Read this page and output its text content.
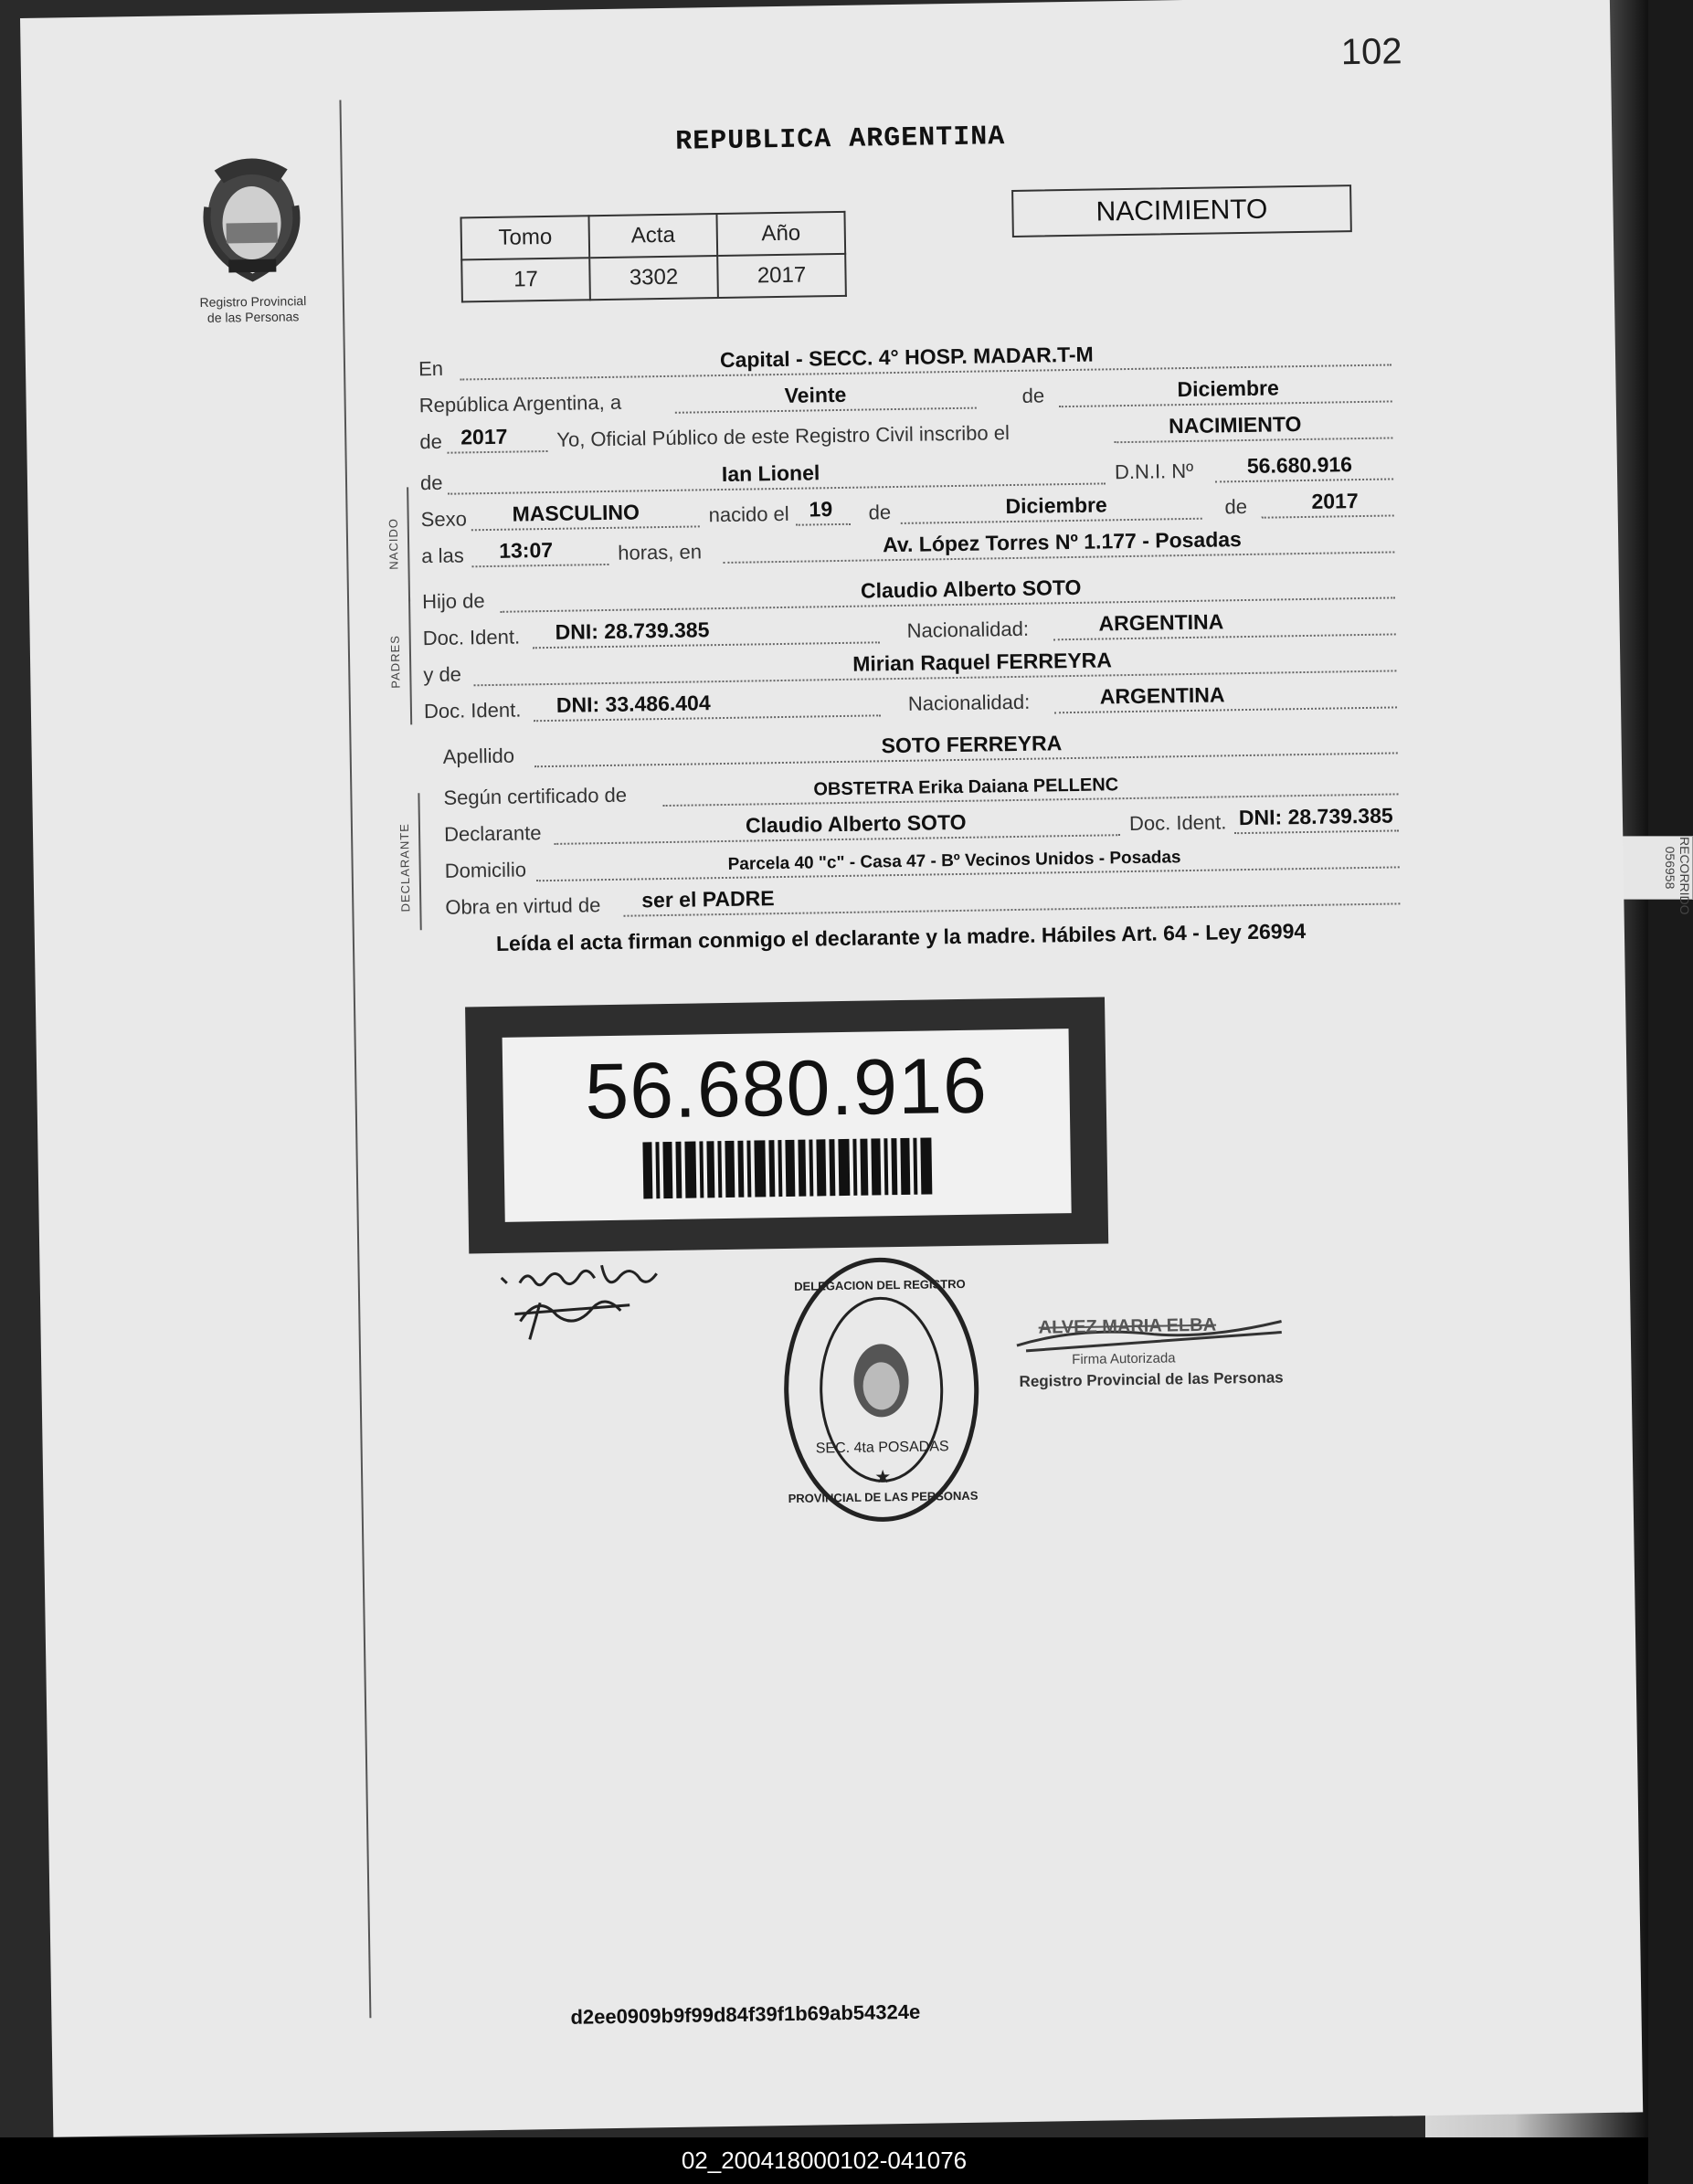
RECORRIDO 056958
102
Registro Provincial
de las Personas
REPUBLICA ARGENTINA
Tomo	Acta	Año
17	3302	2017
NACIMIENTO
En	Capital - SECC. 4° HOSP. MADAR.T-M
República Argentina, a	Veinte	de	Diciembre
de 2017 Yo, Oficial Público de este Registro Civil inscribo el	NACIMIENTO
NACIDO
de	Ian Lionel	D.N.I. Nº	56.680.916
Sexo MASCULINO	nacido el 19 de	Diciembre	de	2017
a las 13:07	horas, en	Av. López Torres Nº 1.177 - Posadas
PADRES
Hijo de	Claudio Alberto SOTO
Doc. Ident. DNI: 28.739.385	Nacionalidad:	ARGENTINA
y de	Mirian Raquel FERREYRA
Doc. Ident. DNI: 33.486.404	Nacionalidad:	ARGENTINA
Apellido	SOTO FERREYRA
DECLARANTE
Según certificado de	OBSTETRA Erika Daiana PELLENC
Declarante	Claudio Alberto SOTO	Doc. Ident. DNI: 28.739.385
Domicilio	Parcela 40 "c" - Casa 47 - Bº Vecinos Unidos - Posadas
Obra en virtud de ser el PADRE
Leída el acta firman conmigo el declarante y la madre. Hábiles Art. 64 - Ley 26994
56.680.916
DELEGACION DEL REGISTRO
PROVINCIAL DE LAS PERSONAS
SEC. 4ta POSADAS
★
ALVEZ MARIA ELBA
Firma Autorizada
Registro Provincial de las Personas
d2ee0909b9f99d84f39f1b69ab54324e
02_200418000102-041076
